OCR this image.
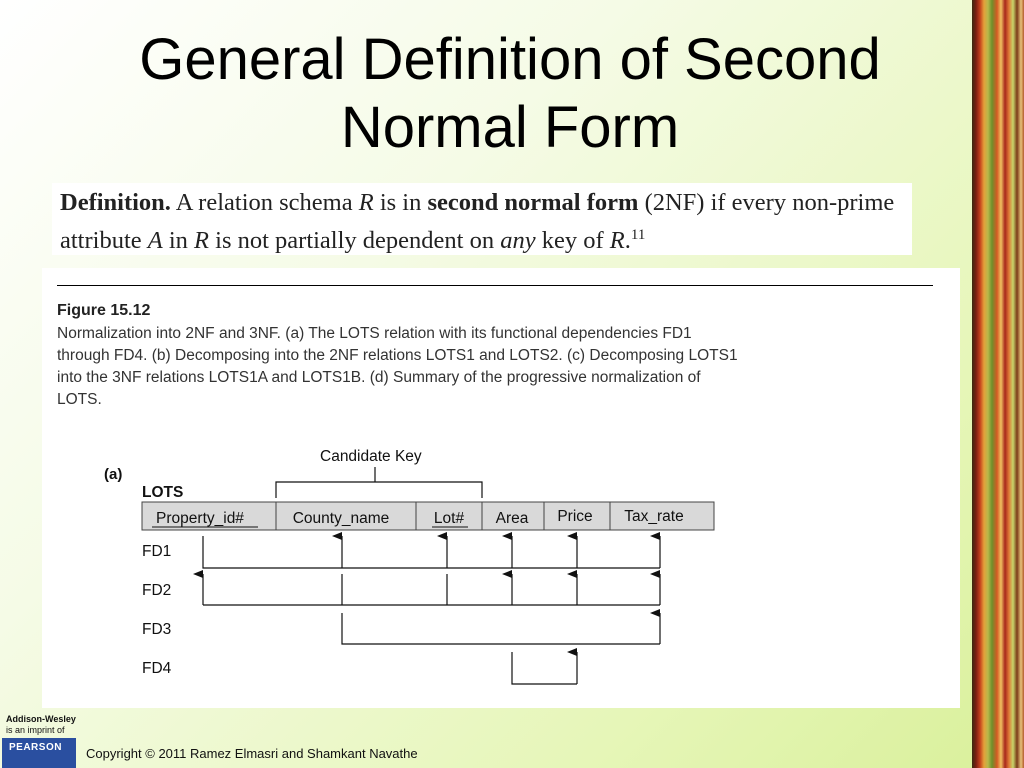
General Definition of Second
Normal Form
Definition. A relation schema R is in second normal form (2NF) if every non-prime attribute A in R is not partially dependent on any key of R.$^{11}$
Figure 15.12
Normalization into 2NF and 3NF. (a) The LOTS relation with its functional dependencies FD1 through FD4. (b) Decomposing into the 2NF relations LOTS1 and LOTS2. (c) Decomposing LOTS1 into the 3NF relations LOTS1A and LOTS1B. (d) Summary of the progressive normalization of LOTS.
(a)
Candidate Key
LOTS
Property_id#	County_name	Lot# Area Price Tax_rate
FD1
FD2
FD3
FD4
Addison-Wesley
is an imprint of
PEARSON Copyright © 2011 Ramez Elmasri and Shamkant Navathe
